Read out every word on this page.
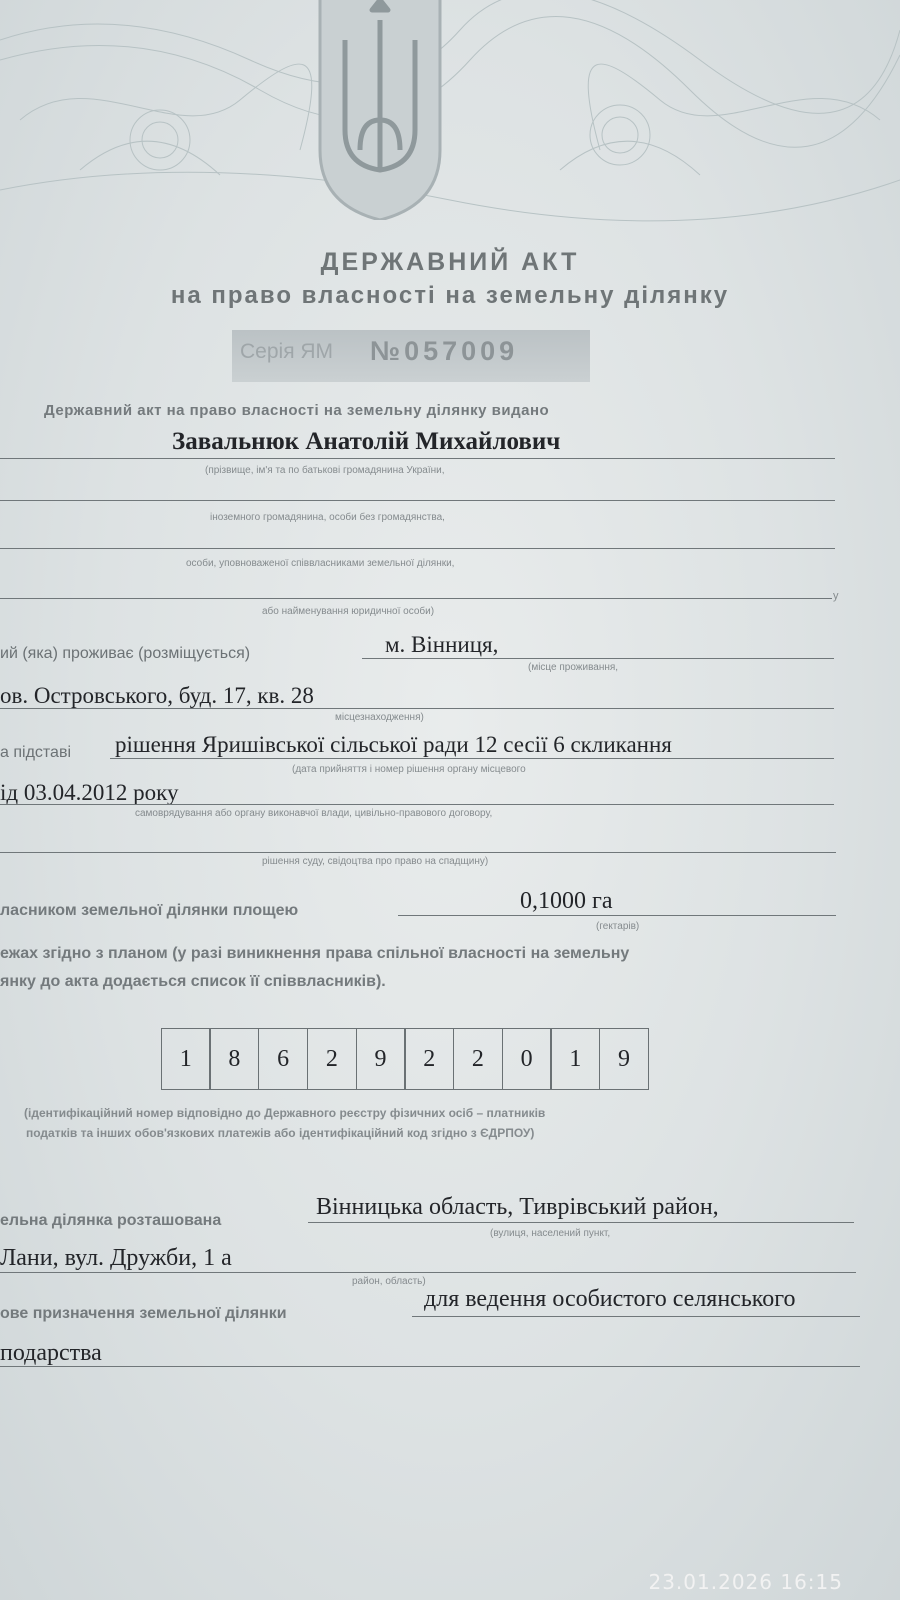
ДЕРЖАВНИЙ АКТ
на право власності на земельну ділянку
Серія ЯМ №057009
Державний акт на право власності на земельну ділянку видано
Завальнюк Анатолій Михайлович
(прізвище, ім'я та по батькові громадянина України,
іноземного громадянина, особи без громадянства,
особи, уповноваженої співвласниками земельної ділянки,
у
або найменування юридичної особи)
ий (яка) проживає (розміщується)	м. Вінниця,
(місце проживання,
ов. Островського, буд. 17, кв. 28
місцезнаходження)
а підставі рішення Яришівської сільської ради 12 сесії 6 скликання
(дата прийняття і номер рішення органу місцевого
ід 03.04.2012 року
самоврядування або органу виконавчої влади, цивільно-правового договору,
рішення суду, свідоцтва про право на спадщину)
ласником земельної ділянки площею	0,1000 га
(гектарів)
ежах згідно з планом (у разі виникнення права спільної власності на земельну
янку до акта додається список її співвласників).
1	8	6	2	9	2	2	0	1	9
(ідентифікаційний номер відповідно до Державного реєстру фізичних осіб – платників
податків та інших обов'язкових платежів або ідентифікаційний код згідно з ЄДРПОУ)
ельна ділянка розташована
Вінницька область, Тиврівський район,
(вулиця, населений пункт,
Лани, вул. Дружби, 1 а
район, область)
ове призначення земельної ділянки
для ведення особистого селянського
подарства
23.01.2026 16:15
